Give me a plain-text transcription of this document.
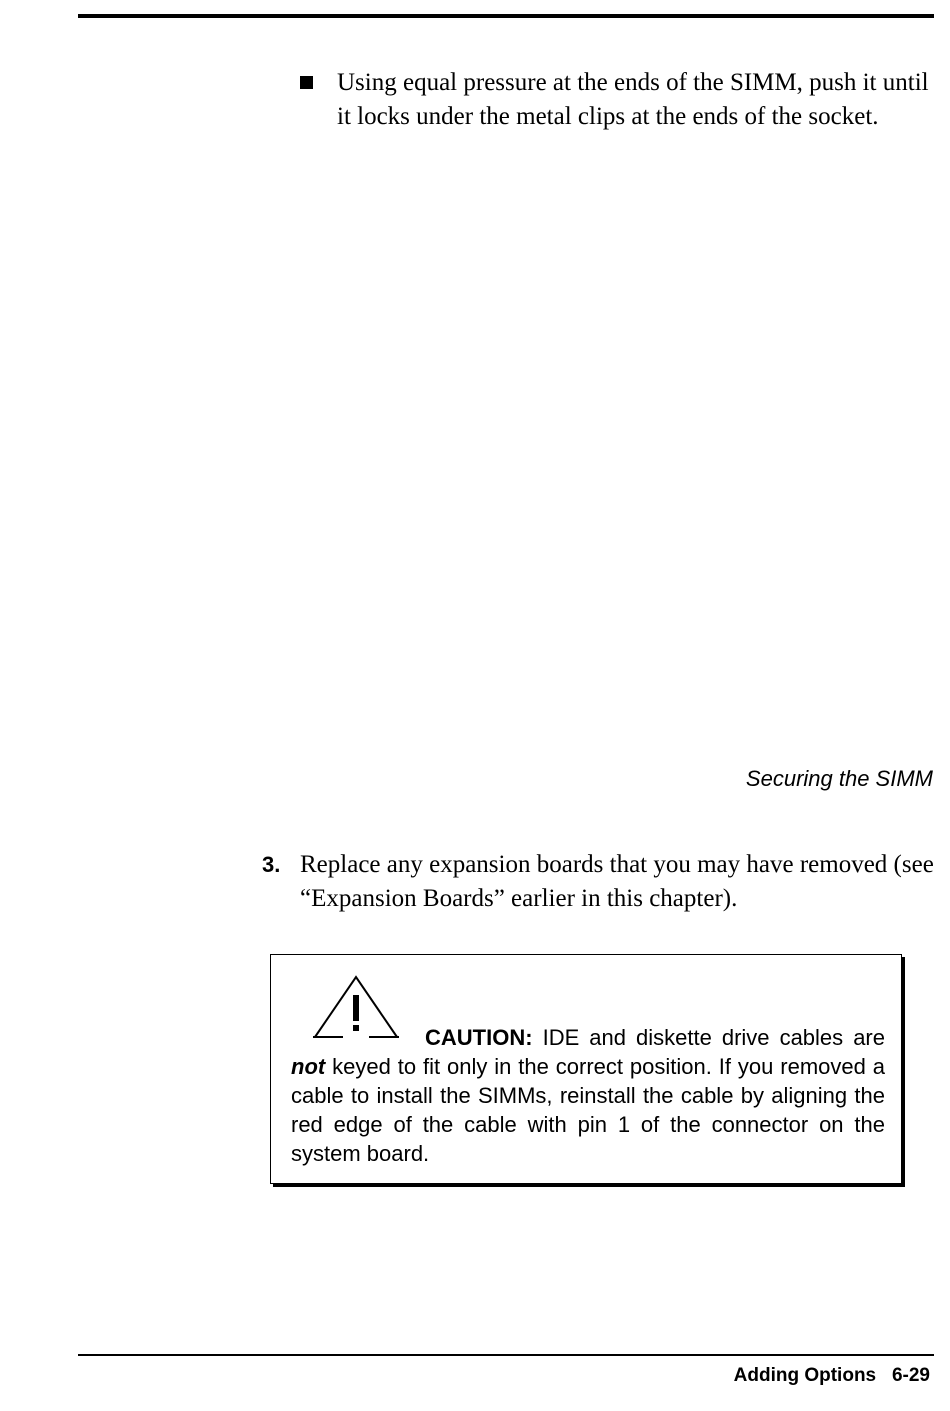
Using equal pressure at the ends of the SIMM, push it until it locks under the metal clips at the ends of the socket.
Securing the SIMM
3. Replace any expansion boards that you may have removed (see “Expansion Boards” earlier in this chapter).
CAUTION: IDE and diskette drive cables are not keyed to fit only in the correct position. If you removed a cable to install the SIMMs, reinstall the cable by aligning the red edge of the cable with pin 1 of the connector on the system board.
Adding Options 6-29
